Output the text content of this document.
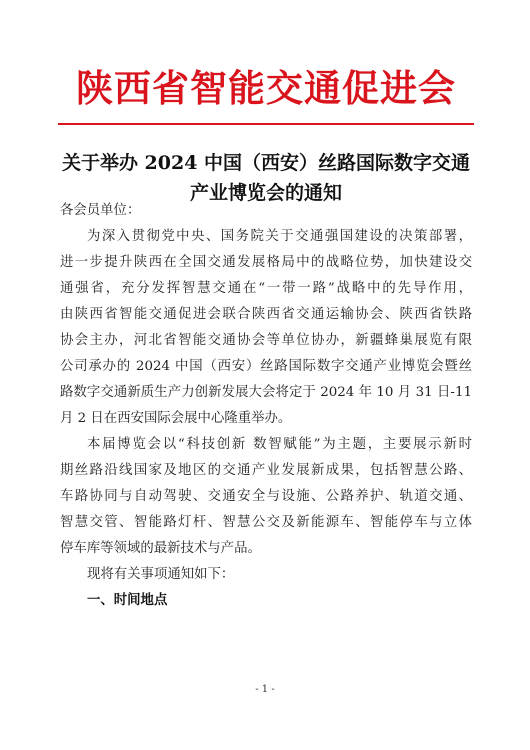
陕西省智能交通促进会
关于举办 2024 中国（西安）丝路国际数字交通
产业博览会的通知

各会员单位：

为深入贯彻党中央、国务院关于交通强国建设的决策部署，
进一步提升陕西在全国交通发展格局中的战略位势，加快建设交
通强省，充分发挥智慧交通在“一带一路”战略中的先导作用，
由陕西省智能交通促进会联合陕西省交通运输协会、陕西省铁路
协会主办，河北省智能交通协会等单位协办，新疆蜂巢展览有限
公司承办的 2024 中国（西安）丝路国际数字交通产业博览会暨丝
路数字交通新质生产力创新发展大会将定于 2024 年 10 月 31 日-11
月 2 日在西安国际会展中心隆重举办。
本届博览会以“科技创新 数智赋能”为主题，主要展示新时
期丝路沿线国家及地区的交通产业发展新成果，包括智慧公路、
车路协同与自动驾驶、交通安全与设施、公路养护、轨道交通、
智慧交管、智能路灯杆、智慧公交及新能源车、智能停车与立体
停车库等领域的最新技术与产品。

现将有关事项通知如下：

一、时间地点

- 1 -
